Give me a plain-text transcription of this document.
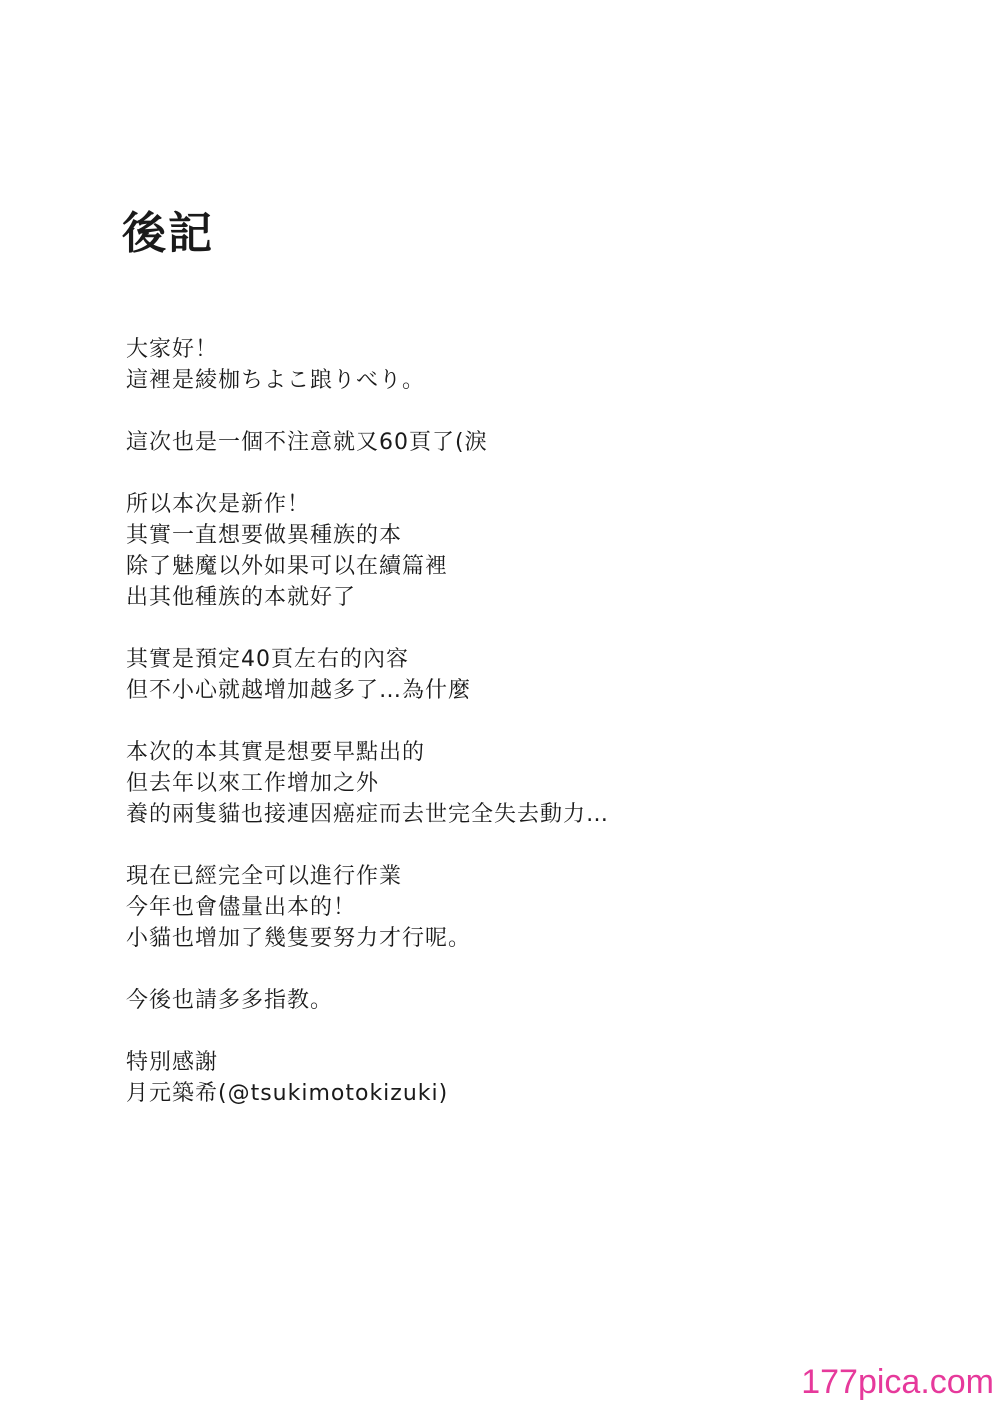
後記
大家好！
這裡是綾枷ちよこ踉りべり。
這次也是一個不注意就又60頁了(淚
所以本次是新作！
其實一直想要做異種族的本
除了魅魔以外如果可以在續篇裡
出其他種族的本就好了
其實是預定40頁左右的內容
但不小心就越增加越多了…為什麼
本次的本其實是想要早點出的
但去年以來工作增加之外
養的兩隻貓也接連因癌症而去世完全失去動力…
現在已經完全可以進行作業
今年也會儘量出本的！
小貓也增加了幾隻要努力才行呢。
今後也請多多指教。
特別感謝
月元築希(@tsukimotokizuki)
177pica.com
